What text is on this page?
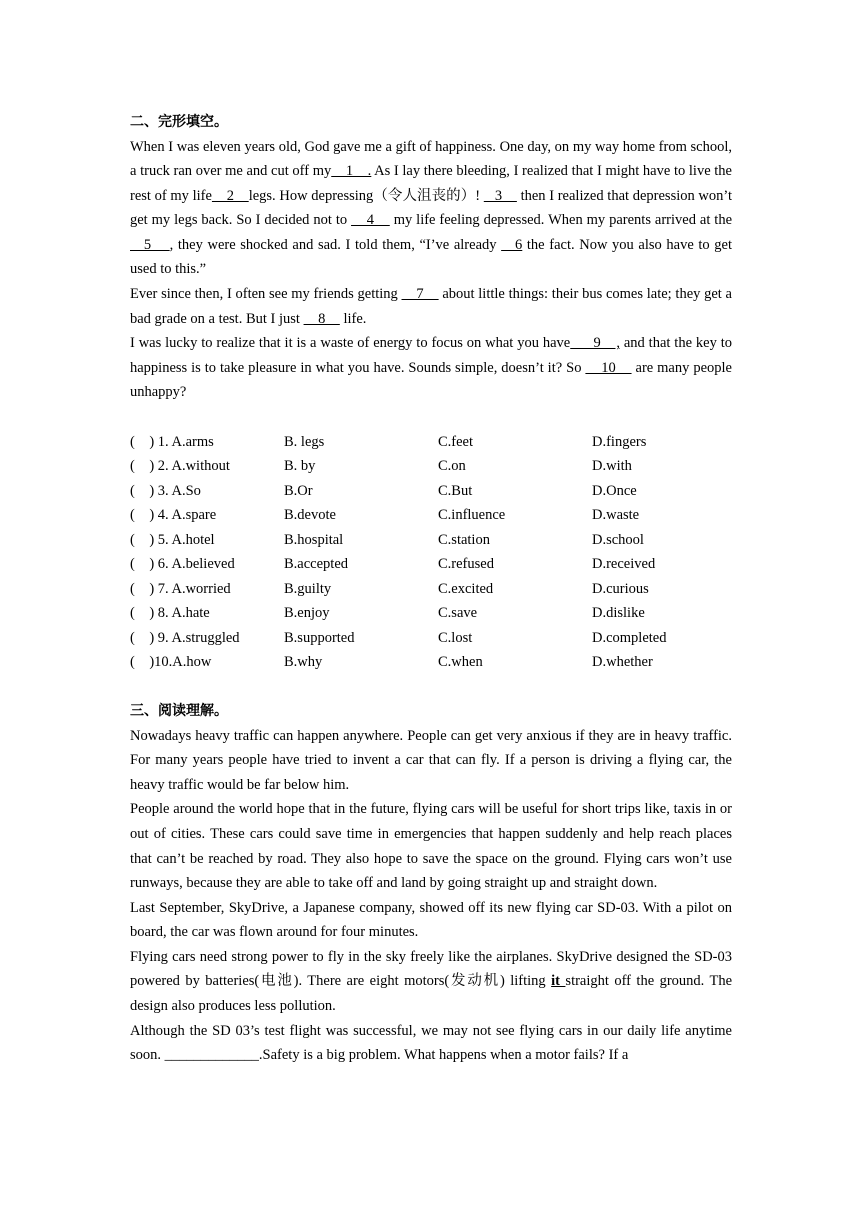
二、完形填空。

When I was eleven years old, God gave me a gift of happiness. One day, on my way home from school, a truck ran over me and cut off my    1    . As I lay there bleeding, I realized that I might have to live the rest of my life    2    legs. How depressing（令人沮丧的）!    3     then I realized that depression won’t get my legs back. So I decided not to     4     my life feeling depressed. When my parents arrived at the    5    , they were shocked and sad. I told them, “I’ve already    6 the fact. Now you also have to get used to this.”

Ever since then, I often see my friends getting     7     about little things: their bus comes late; they get a bad grade on a test. But I just     8     life.

I was lucky to realize that it is a waste of energy to focus on what you have      9    , and that the key to happiness is to take pleasure in what you have. Sounds simple, doesn’t it? So     10     are many people unhappy?

(    ) 1. A.arms	B. legs	C.feet	D.fingers
(    ) 2. A.without	B. by	C.on	D.with
(    ) 3. A.So	B.Or	C.But	D.Once
(    ) 4. A.spare	B.devote	C.influence	D.waste
(    ) 5. A.hotel	B.hospital	C.station	D.school
(    ) 6. A.believed	B.accepted	C.refused	D.received
(    ) 7. A.worried	B.guilty	C.excited	D.curious
(    ) 8. A.hate	B.enjoy	C.save	D.dislike
(    ) 9. A.struggled	B.supported	C.lost	D.completed
(    )10.A.how	B.why	C.when	D.whether
三、阅读理解。

Nowadays heavy traffic can happen anywhere. People can get very anxious if they are in heavy traffic. For many years people have tried to invent a car that can fly. If a person is driving a flying car, the heavy traffic would be far below him.

People around the world hope that in the future, flying cars will be useful for short trips like, taxis in or out of cities. These cars could save time in emergencies that happen suddenly and help reach places that can’t be reached by road. They also hope to save the space on the ground. Flying cars won’t use runways, because they are able to take off and land by going straight up and straight down.

Last September, SkyDrive, a Japanese company, showed off its new flying car SD-03. With a pilot on board, the car was flown around for four minutes.

Flying cars need strong power to fly in the sky freely like the airplanes. SkyDrive designed the SD-03 powered by batteries(电池). There are eight motors(发动机) lifting it straight off the ground. The design also produces less pollution.

Although the SD 03’s test flight was successful, we may not see flying cars in our daily life anytime soon. _____________.Safety is a big problem. What happens when a motor fails? If a
